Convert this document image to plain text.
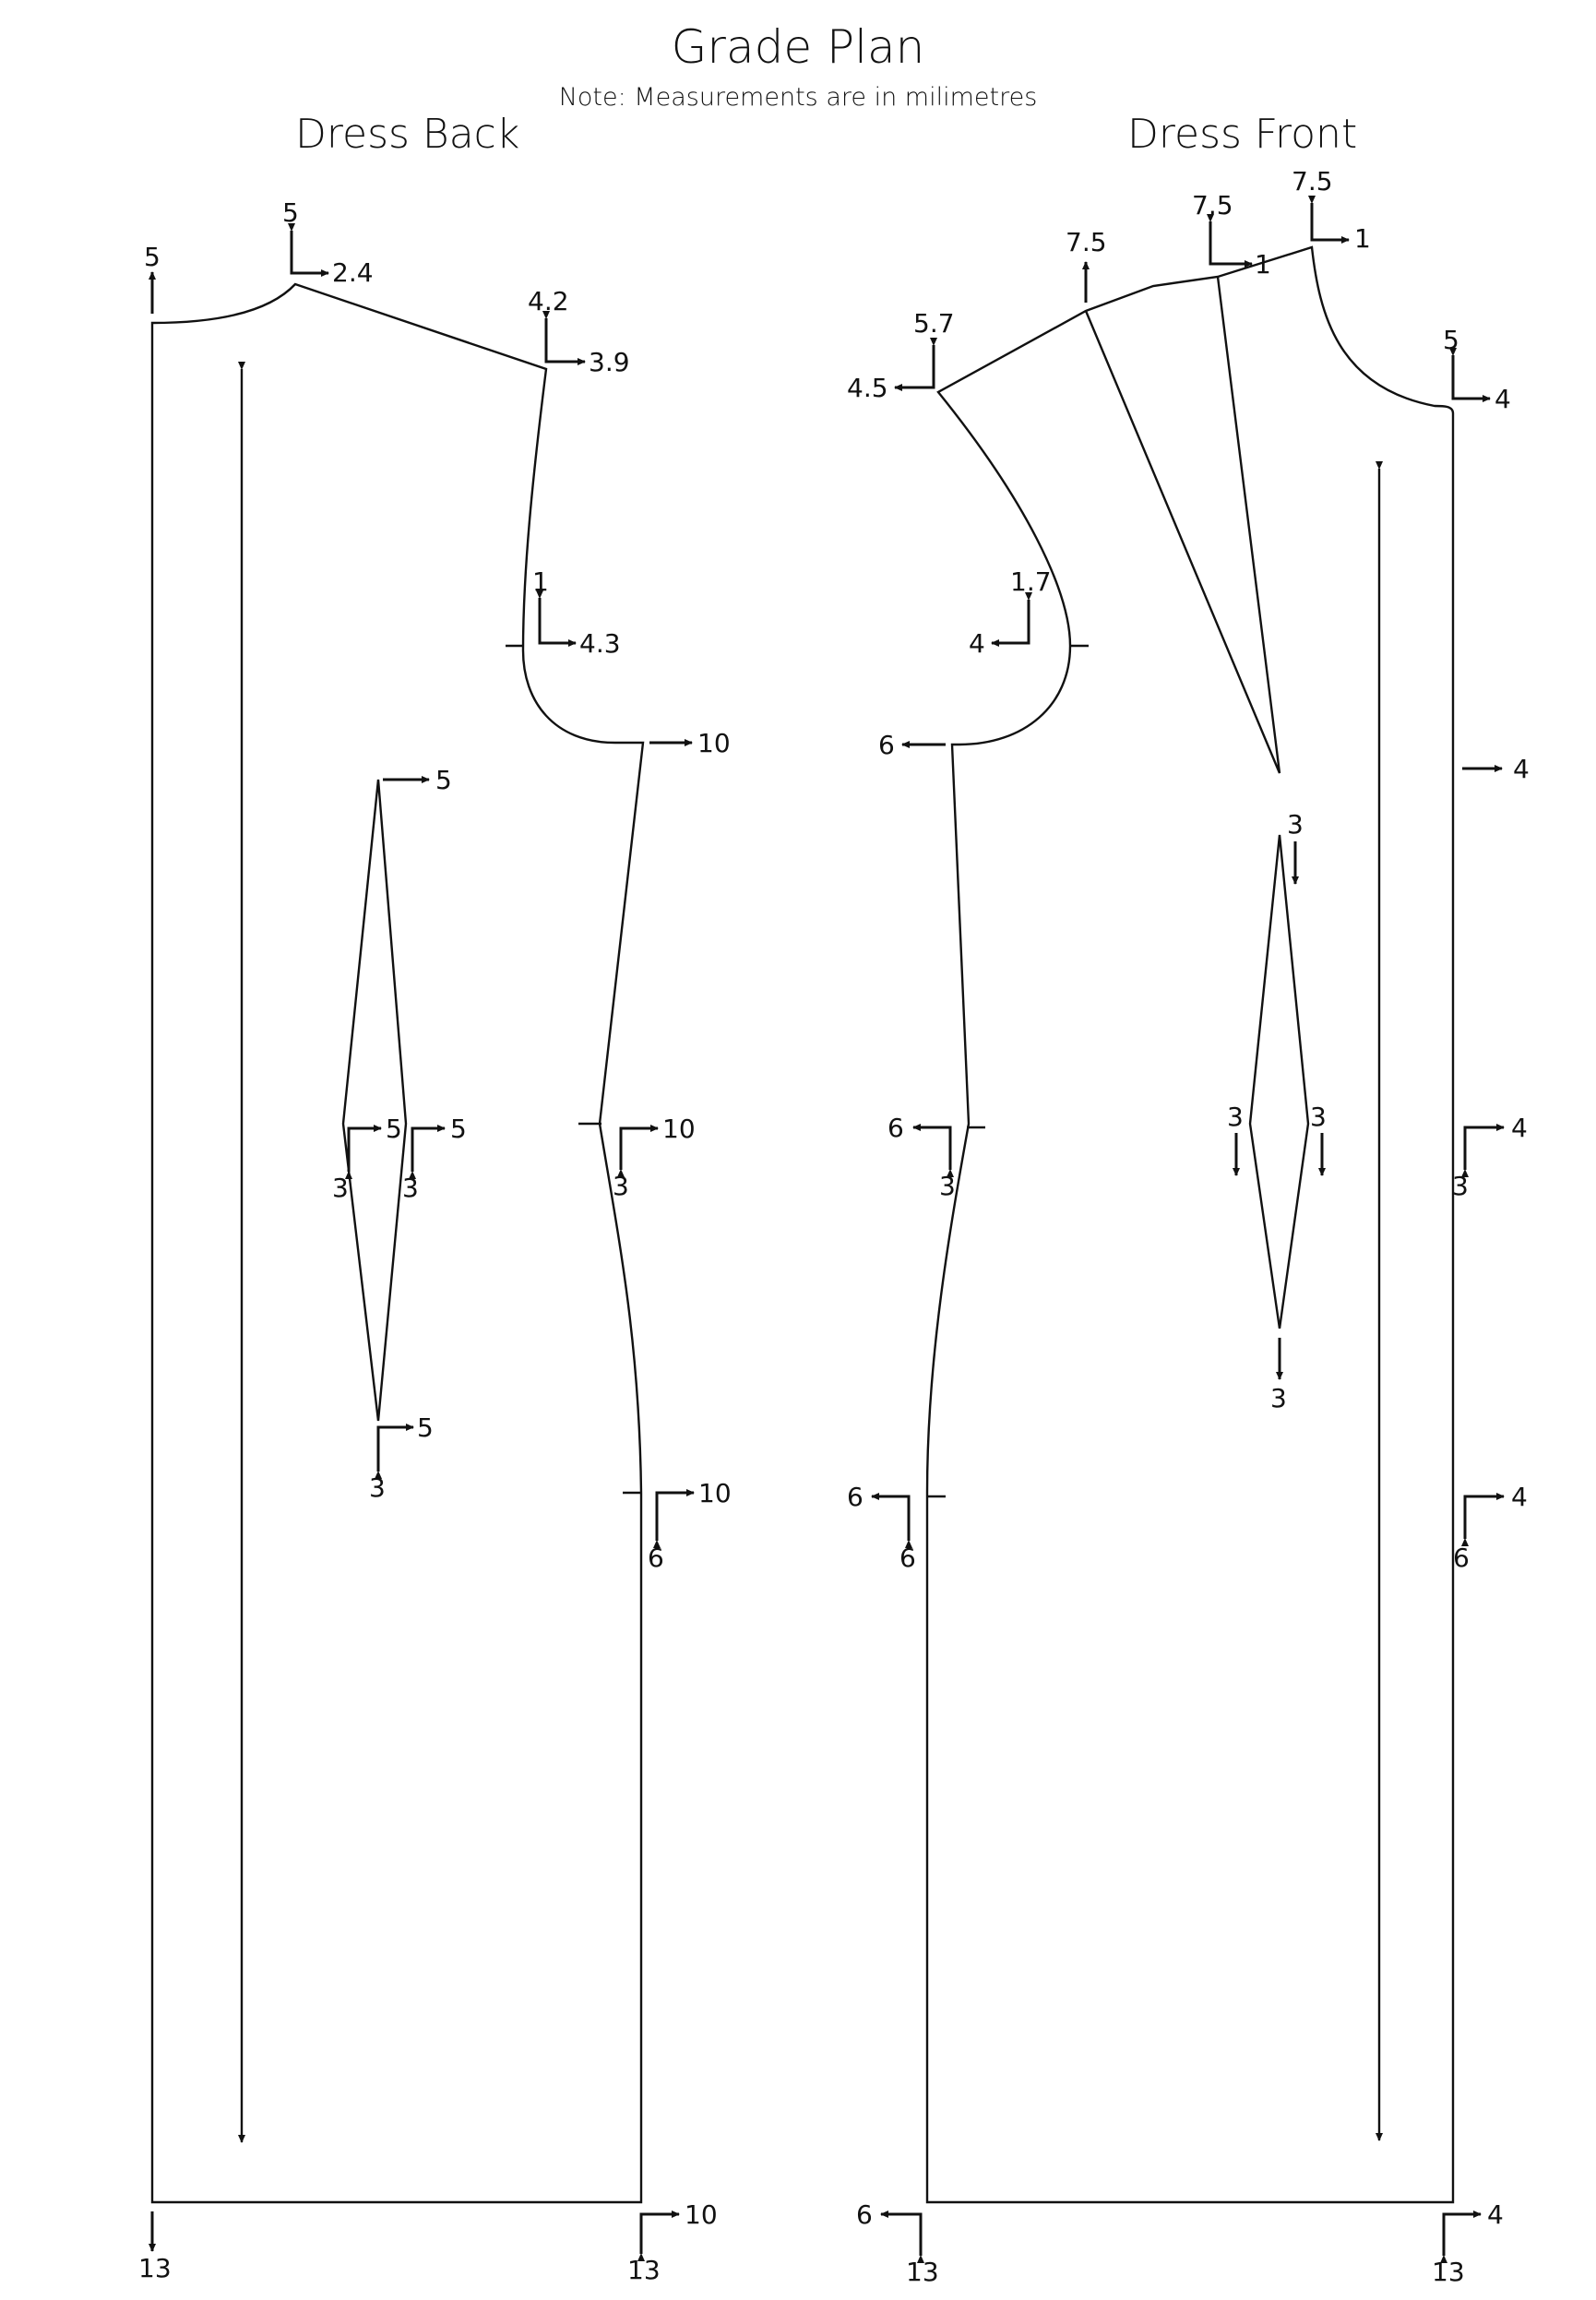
Grade Plan
Note: Measurements are in milimetres
Dress Back	Dress Front
5
5
2.4
4.2
3.9
1
4.3
10
5
5
3
5
3
10
3
5
3	10
6
13
10
13
7.5
1
7.5
1
7.5
5.7
4.5
1.7
4
6
5
4
4
3
3	3
3
6
3
4
3
6
6
4
6
6
13
4
13
